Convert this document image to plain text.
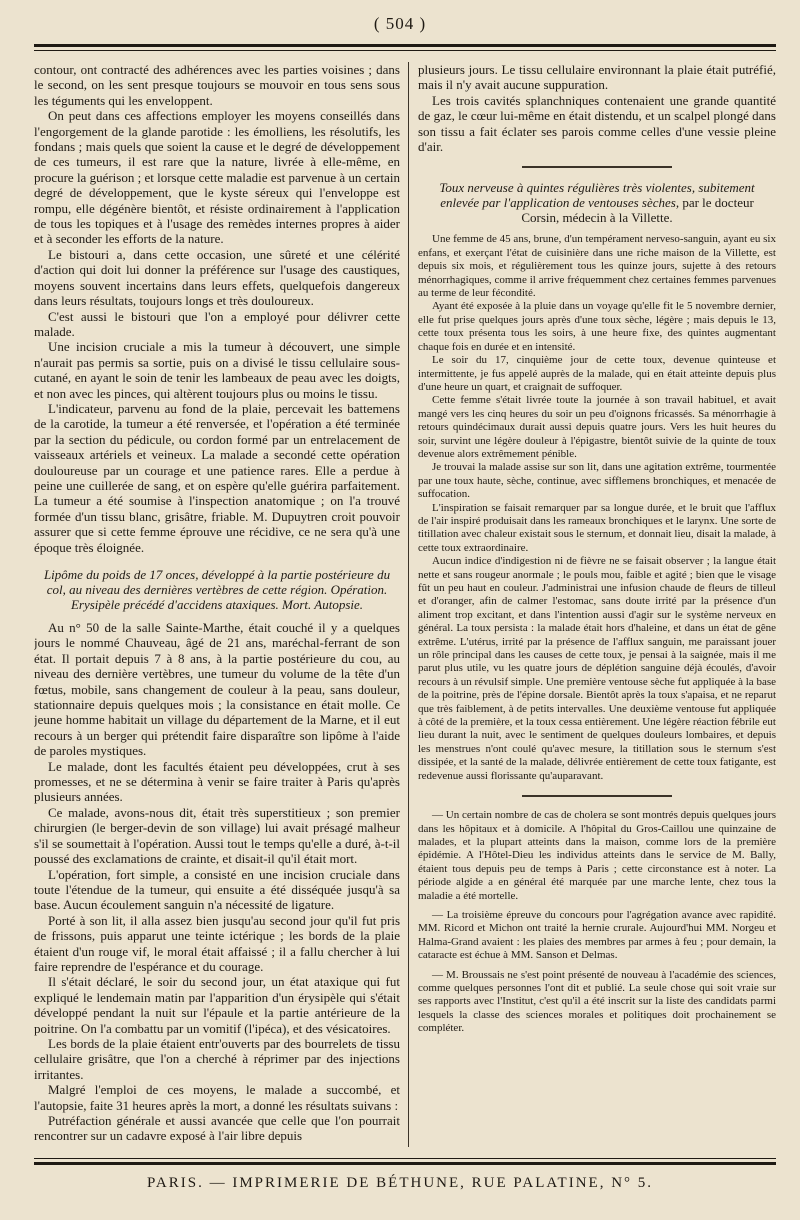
( 504 )

contour, ont contracté des adhérences avec les parties voisines ; dans le second, on les sent presque toujours se mouvoir en tous sens sous les téguments qui les enveloppent.

On peut dans ces affections employer les moyens conseillés dans l'engorgement de la glande parotide : les émolliens, les résolutifs, les fondans ; mais quels que soient la cause et le degré de développement de ces tumeurs, il est rare que la nature, livrée à elle-même, en procure la guérison ; et lorsque cette maladie est parvenue à un certain degré de développement, que le kyste séreux qui l'enveloppe est rompu, elle dégénère bientôt, et résiste ordinairement à l'application de tous les topiques et à l'usage des remèdes internes propres à aider et à seconder les efforts de la nature.

Le bistouri a, dans cette occasion, une sûreté et une célérité d'action qui doit lui donner la préférence sur l'usage des caustiques, moyens souvent incertains dans leurs effets, quelquefois dangereux dans leurs résultats, toujours longs et très douloureux.

C'est aussi le bistouri que l'on a employé pour délivrer cette malade.

Une incision cruciale a mis la tumeur à découvert, une simple n'aurait pas permis sa sortie, puis on a divisé le tissu cellulaire sous-cutané, en ayant le soin de tenir les lambeaux de peau avec les doigts, et non avec les pinces, qui altèrent toujours plus ou moins le tissu.

L'indicateur, parvenu au fond de la plaie, percevait les battemens de la carotide, la tumeur a été renversée, et l'opération a été terminée par la section du pédicule, ou cordon formé par un entrelacement de vaisseaux artériels et veineux. La malade a secondé cette opération douloureuse par un courage et une patience rares. Elle a perdue à peine une cuillerée de sang, et on espère qu'elle guérira parfaitement. La tumeur a été soumise à l'inspection anatomique ; on l'a trouvé formée d'un tissu blanc, grisâtre, friable. M. Dupuytren croit pouvoir assurer que si cette femme éprouve une récidive, ce ne sera qu'à une époque très éloignée.

Lipôme du poids de 17 onces, développé à la partie postérieure du col, au niveau des dernières vertèbres de cette région. Opération. Erysipèle précédé d'accidens ataxiques. Mort. Autopsie.

Au n° 50 de la salle Sainte-Marthe, était couché il y a quelques jours le nommé Chauveau, âgé de 21 ans, maréchal-ferrant de son état. Il portait depuis 7 à 8 ans, à la partie postérieure du cou, au niveau des dernière vertèbres, une tumeur du volume de la tête d'un fœtus, mobile, sans changement de couleur à la peau, sans douleur, stationnaire depuis quelques mois ; la consistance en était molle. Ce jeune homme habitait un village du département de la Marne, et il eut recours à un berger qui prétendit faire disparaître son lipôme à l'aide de paroles mystiques.

Le malade, dont les facultés étaient peu développées, crut à ses promesses, et ne se détermina à venir se faire traiter à Paris qu'après plusieurs années.

Ce malade, avons-nous dit, était très superstitieux ; son premier chirurgien (le berger-devin de son village) lui avait présagé malheur s'il se soumettait à l'opération. Aussi tout le temps qu'elle a duré, à-t-il poussé des exclamations de crainte, et disait-il qu'il était mort.

L'opération, fort simple, a consisté en une incision cruciale dans toute l'étendue de la tumeur, qui ensuite a été disséquée jusqu'à sa base. Aucun écoulement sanguin n'a nécessité de ligature.

Porté à son lit, il alla assez bien jusqu'au second jour qu'il fut pris de frissons, puis apparut une teinte ictérique ; les bords de la plaie étaient d'un rouge vif, le moral était affaissé ; il a fallu chercher à lui faire reprendre de l'espérance et du courage.

Il s'était déclaré, le soir du second jour, un état ataxique qui fut expliqué le lendemain matin par l'apparition d'un érysipèle qui s'était développé pendant la nuit sur l'épaule et la partie antérieure de la poitrine. On l'a combattu par un vomitif (l'ipéca), et des vésicatoires.

Les bords de la plaie étaient entr'ouverts par des bourrelets de tissu cellulaire grisâtre, que l'on a cherché à réprimer par des injections irritantes.

Malgré l'emploi de ces moyens, le malade a succombé, et l'autopsie, faite 31 heures après la mort, a donné les résultats suivans :

Putréfaction générale et aussi avancée que celle que l'on pourrait rencontrer sur un cadavre exposé à l'air libre depuis

plusieurs jours. Le tissu cellulaire environnant la plaie était putréfié, mais il n'y avait aucune suppuration.

Les trois cavités splanchniques contenaient une grande quantité de gaz, le cœur lui-même en était distendu, et un scalpel plongé dans son tissu a fait éclater ses parois comme celles d'une vessie pleine d'air.

Toux nerveuse à quintes régulières très violentes, subitement enlevée par l'application de ventouses sèches, par le docteur Corsin, médecin à la Villette.

Une femme de 45 ans, brune, d'un tempérament nerveso-sanguin, ayant eu six enfans, et exerçant l'état de cuisinière dans une riche maison de la Villette, est depuis six mois, et régulièrement tous les quinze jours, sujette à des retours ménorrhagiques, comme il arrive fréquemment chez certaines femmes parvenues au terme de leur fécondité.

Ayant été exposée à la pluie dans un voyage qu'elle fit le 5 novembre dernier, elle fut prise quelques jours après d'une toux sèche, légère ; mais depuis le 13, cette toux présenta tous les soirs, à une heure fixe, des quintes augmentant chaque fois en durée et en intensité.

Le soir du 17, cinquième jour de cette toux, devenue quinteuse et intermittente, je fus appelé auprès de la malade, qui en était atteinte depuis plus d'une heure un quart, et craignait de suffoquer.

Cette femme s'était livrée toute la journée à son travail habituel, et avait mangé vers les cinq heures du soir un peu d'oignons fricassés. Sa ménorrhagie à retours quindécimaux durait aussi depuis quatre jours. Vers les huit heures du soir, survint une légère douleur à l'épigastre, bientôt suivie de la quinte de toux devenue alors extrêmement pénible.

Je trouvai la malade assise sur son lit, dans une agitation extrême, tourmentée par une toux haute, sèche, continue, avec sifflemens bronchiques, et menacée de suffocation.

L'inspiration se faisait remarquer par sa longue durée, et le bruit que l'afflux de l'air inspiré produisait dans les rameaux bronchiques et le larynx. Une sorte de titillation avec chaleur existait sous le sternum, et donnait lieu, disait la malade, à cette toux extraordinaire.

Aucun indice d'indigestion ni de fièvre ne se faisait observer ; la langue était nette et sans rougeur anormale ; le pouls mou, faible et agité ; bien que le visage fût un peu haut en couleur. J'administrai une infusion chaude de fleurs de tilleul et d'oranger, afin de calmer l'estomac, sans doute irrité par la présence d'un aliment trop excitant, et dans l'intention aussi d'agir sur le système nerveux en général. La toux persista : la malade était hors d'haleine, et dans un état de gêne extrême. L'utérus, irrité par la présence de l'afflux sanguin, me paraissant jouer un rôle principal dans les causes de cette toux, je pensai à la saignée, mais il me parut plus utile, vu les quatre jours de déplétion sanguine déjà écoulés, d'avoir recours à un révulsif simple. Une première ventouse sèche fut appliquée à la base de la poitrine, près de l'épine dorsale. Bientôt après la toux s'apaisa, et ne reparut que très faiblement, à de petits intervalles. Une deuxième ventouse fut appliquée à côté de la première, et la toux cessa entièrement. Une légère réaction fébrile eut lieu durant la nuit, avec le sentiment de quelques douleurs lombaires, et depuis les menstrues n'ont coulé qu'avec mesure, la titillation sous le sternum s'est dissipée, et la santé de la malade, délivrée entièrement de cette toux fatigante, est redevenue aussi florissante qu'auparavant.

— Un certain nombre de cas de cholera se sont montrés depuis quelques jours dans les hôpitaux et à domicile. A l'hôpital du Gros-Caillou une quinzaine de malades, et la plupart atteints dans la maison, comme lors de la première épidémie. A l'Hôtel-Dieu les individus atteints dans le service de M. Bally, étaient tous depuis peu de temps à Paris ; cette circonstance est à noter. La période algide a en général été marquée par une marche lente, chez tous la maladie a été mortelle.

— La troisième épreuve du concours pour l'agrégation avance avec rapidité. MM. Ricord et Michon ont traité la hernie crurale. Aujourd'hui MM. Norgeu et Halma-Grand avaient : les plaies des membres par armes à feu ; pour demain, la cataracte est échue à MM. Sanson et Delmas.

— M. Broussais ne s'est point présenté de nouveau à l'académie des sciences, comme quelques personnes l'ont dit et publié. La seule chose qui soit vraie sur ses rapports avec l'Institut, c'est qu'il a été inscrit sur la liste des candidats parmi lesquels la classe des sciences morales et politiques doit prochainement se compléter.

PARIS. — IMPRIMERIE DE BÉTHUNE, RUE PALATINE, N° 5.
